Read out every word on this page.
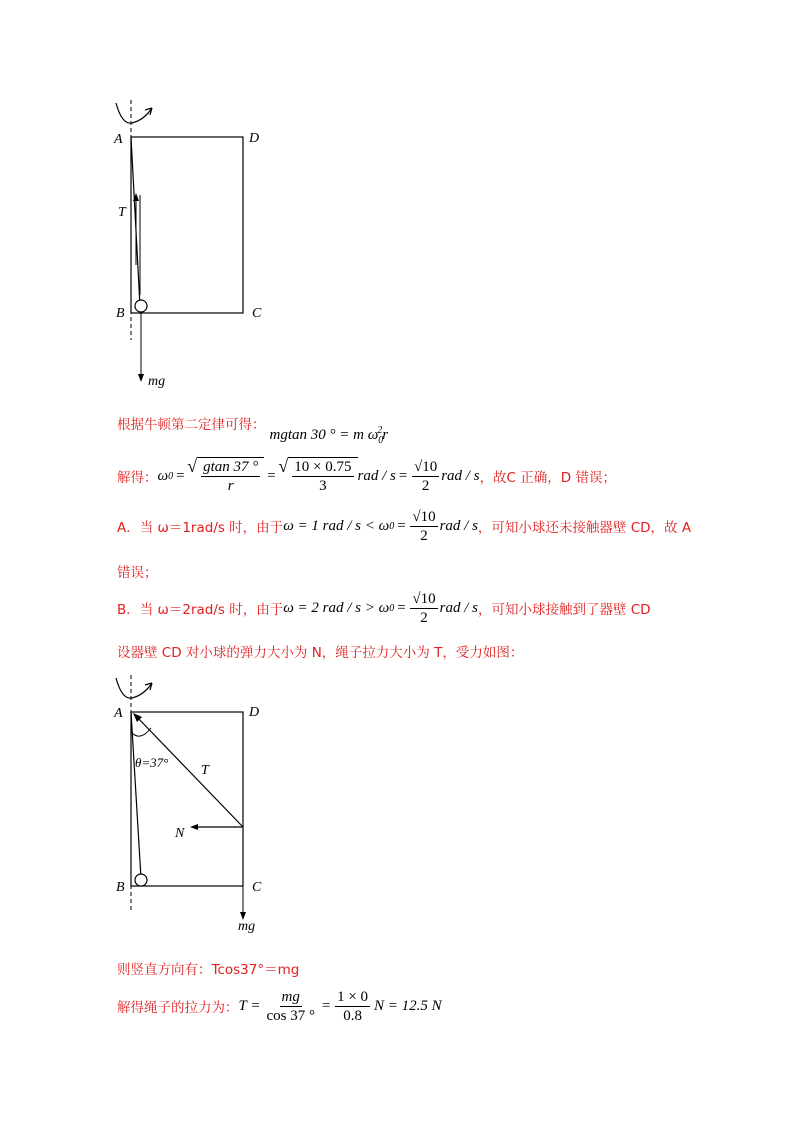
A	D
B	C
T
mg
根据牛顿第二定律可得：
mgtan 30 ° = m $\omega_0^2r$
解得： ω 0 = √ $\frac{gtan 37 ^\circ}{r}$ = √ $\frac{10 \times 0.75}{3}$ rad / $s = \frac{√10}{2}$ rad / s ，故C 正确，D 错误；
A．当 ω＝1rad/s 时，由于 ω = 1 rad / s < ω $0 = \frac{√10}{2}$ rad / s ，可知小球还未接触器壁 CD，故 A
错误；
B．当 ω＝2rad/s 时，由于 ω = 2 rad / s > ω $0 = \frac{√10}{2}$ rad / s ，可知小球接触到了器壁 CD
设器壁 CD 对小球的弹力大小为 N，绳子拉力大小为 T，受力如图：
A	D
B	C
T
N
mg
θ=37°
则竖直方向有：Tcos37°＝mg
解得绳子的拉力为： $T = \frac{mg}{\cos 37 ^\circ} = \frac{1 \times 0}{0.8}$ N = 12.5 N
